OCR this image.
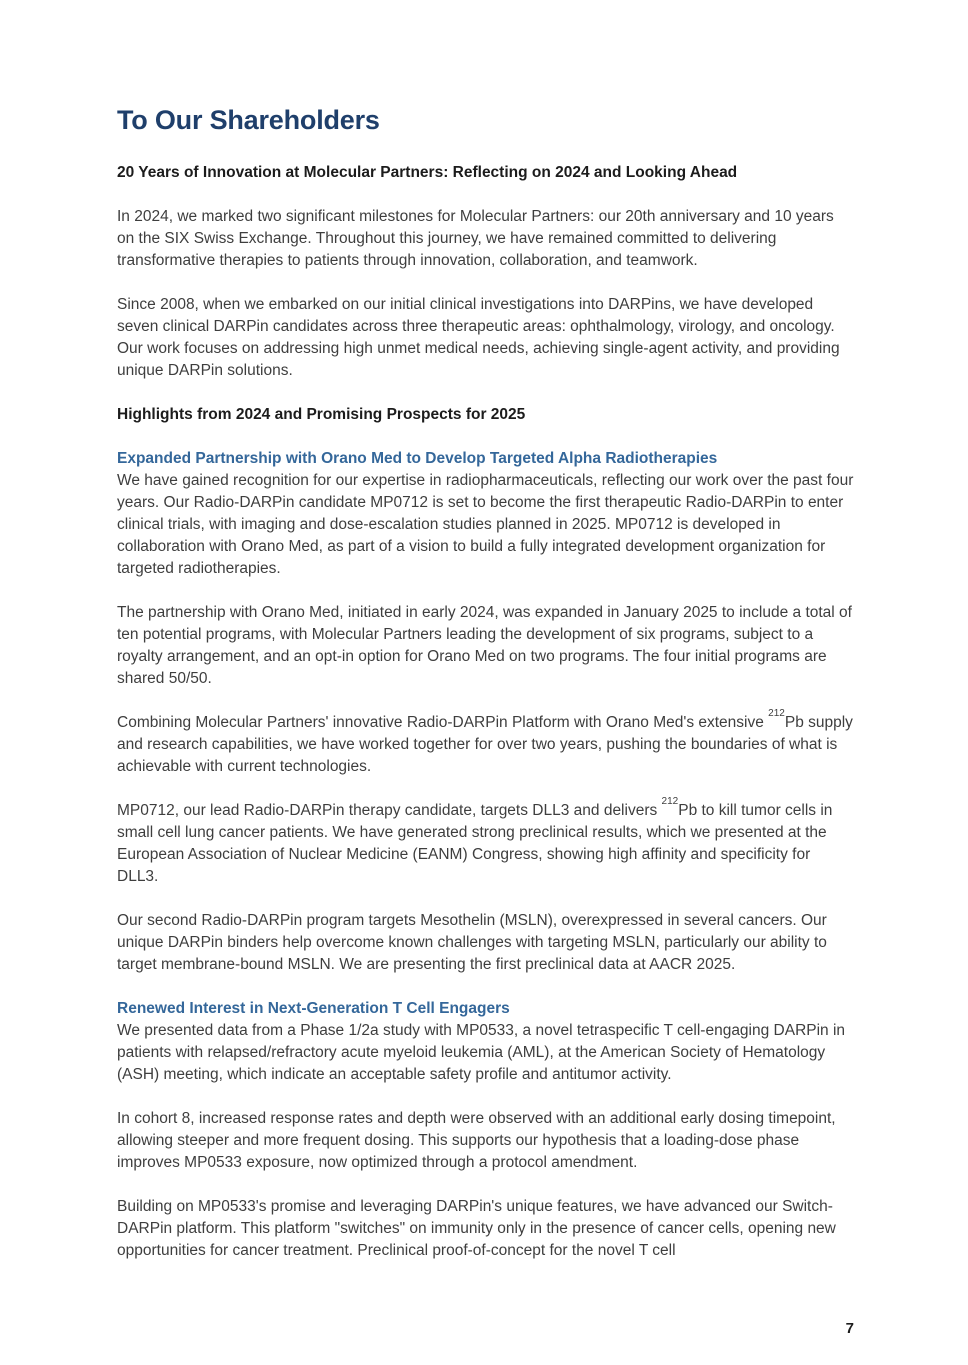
To Our Shareholders
20 Years of Innovation at Molecular Partners: Reflecting on 2024 and Looking Ahead

In 2024, we marked two significant milestones for Molecular Partners: our 20th anniversary and 10 years on the SIX Swiss Exchange. Throughout this journey, we have remained committed to delivering transformative therapies to patients through innovation, collaboration, and teamwork.

Since 2008, when we embarked on our initial clinical investigations into DARPins, we have developed seven clinical DARPin candidates across three therapeutic areas: ophthalmology, virology, and oncology. Our work focuses on addressing high unmet medical needs, achieving single-agent activity, and providing unique DARPin solutions.

Highlights from 2024 and Promising Prospects for 2025
Expanded Partnership with Orano Med to Develop Targeted Alpha Radiotherapies

We have gained recognition for our expertise in radiopharmaceuticals, reflecting our work over the past four years. Our Radio-DARPin candidate MP0712 is set to become the first therapeutic Radio-DARPin to enter clinical trials, with imaging and dose-escalation studies planned in 2025. MP0712 is developed in collaboration with Orano Med, as part of a vision to build a fully integrated development organization for targeted radiotherapies.

The partnership with Orano Med, initiated in early 2024, was expanded in January 2025 to include a total of ten potential programs, with Molecular Partners leading the development of six programs, subject to a royalty arrangement, and an opt-in option for Orano Med on two programs. The four initial programs are shared 50/50.

Combining Molecular Partners' innovative Radio-DARPin Platform with Orano Med's extensive $^{212}$Pb supply and research capabilities, we have worked together for over two years, pushing the boundaries of what is achievable with current technologies.

MP0712, our lead Radio-DARPin therapy candidate, targets DLL3 and delivers $^{212}$Pb to kill tumor cells in small cell lung cancer patients. We have generated strong preclinical results, which we presented at the European Association of Nuclear Medicine (EANM) Congress, showing high affinity and specificity for DLL3.

Our second Radio-DARPin program targets Mesothelin (MSLN), overexpressed in several cancers. Our unique DARPin binders help overcome known challenges with targeting MSLN, particularly our ability to target membrane-bound MSLN. We are presenting the first preclinical data at AACR 2025.

Renewed Interest in Next-Generation T Cell Engagers

We presented data from a Phase 1/2a study with MP0533, a novel tetraspecific T cell-engaging DARPin in patients with relapsed/refractory acute myeloid leukemia (AML), at the American Society of Hematology (ASH) meeting, which indicate an acceptable safety profile and antitumor activity.

In cohort 8, increased response rates and depth were observed with an additional early dosing timepoint, allowing steeper and more frequent dosing. This supports our hypothesis that a loading-dose phase improves MP0533 exposure, now optimized through a protocol amendment.

Building on MP0533's promise and leveraging DARPin's unique features, we have advanced our Switch-DARPin platform. This platform "switches" on immunity only in the presence of cancer cells, opening new opportunities for cancer treatment. Preclinical proof-of-concept for the novel T cell

7
